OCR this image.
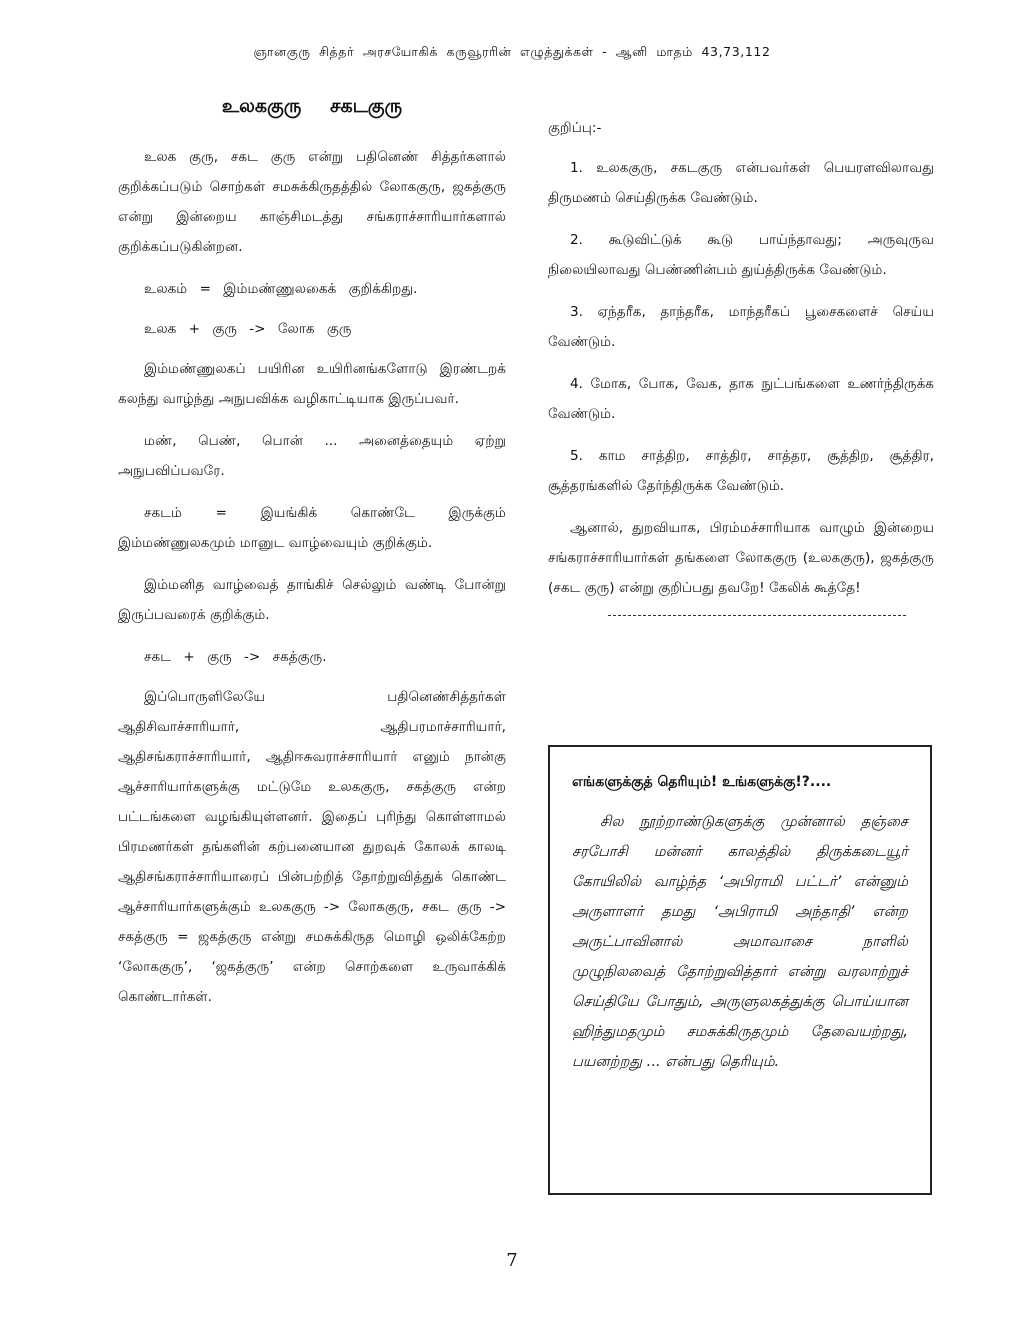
ஞானகுரு சித்தர் அரசயோகிக் கருவூரரின் எழுத்துக்கள் - ஆனி மாதம் 43,73,112
உலககுரு சகடகுரு

உலக குரு, சகட குரு என்று பதினெண் சித்தர்களால் குறிக்கப்படும் சொற்கள் சமசுக்கிருதத்தில் லோககுரு, ஜகத்குரு என்று இன்றைய காஞ்சிமடத்து சங்கராச்சாரியார்களால் குறிக்கப்படுகின்றன.

உலகம் = இம்மண்ணுலகைக் குறிக்கிறது.

உலக + குரு -> லோக குரு

இம்மண்ணுலகப் பயிரின உயிரினங்களோடு இரண்டறக் கலந்து வாழ்ந்து அநுபவிக்க வழிகாட்டியாக இருப்பவர்.

மண், பெண், பொன் ... அனைத்தையும் ஏற்று அநுபவிப்பவரே.

சகடம் = இயங்கிக் கொண்டே இருக்கும் இம்மண்ணுலகமும் மானுட வாழ்வையும் குறிக்கும்.

இம்மனித வாழ்வைத் தாங்கிச் செல்லும் வண்டி போன்று இருப்பவரைக் குறிக்கும்.

சகட + குரு -> சகத்குரு.

இப்பொருளிலேயே பதினெண்சித்தர்கள் ஆதிசிவாச்சாரியார், ஆதிபரமாச்சாரியார், ஆதிசங்கராச்சாரியார், ஆதிஈசுவராச்சாரியார் எனும் நான்கு ஆச்சாரியார்களுக்கு மட்டுமே உலககுரு, சகத்குரு என்ற பட்டங்களை வழங்கியுள்ளனர். இதைப் புரிந்து கொள்ளாமல் பிரமணர்கள் தங்களின் கற்பனையான துறவுக் கோலக் காலடி ஆதிசங்கராச்சாரியாரைப் பின்பற்றித் தோற்றுவித்துக் கொண்ட ஆச்சாரியார்களுக்கும் உலககுரு -> லோககுரு, சகட குரு -> சகத்குரு = ஜகத்குரு என்று சமசுக்கிருத மொழி ஒலிக்கேற்ற ‘லோககுரு’, ‘ஜகத்குரு’ என்ற சொற்களை உருவாக்கிக் கொண்டார்கள்.

குறிப்பு:-

1. உலககுரு, சகடகுரு என்பவர்கள் பெயரளவிலாவது திருமணம் செய்திருக்க வேண்டும்.

2. கூடுவிட்டுக் கூடு பாய்ந்தாவது; அருவுருவ நிலையிலாவது பெண்ணின்பம் துய்த்திருக்க வேண்டும்.

3. ஏந்தரீக, தாந்தரீக, மாந்தரீகப் பூசைகளைச் செய்ய வேண்டும்.

4. மோக, போக, வேக, தாக நுட்பங்களை உணர்ந்திருக்க வேண்டும்.

5. காம சாத்திற, சாத்திர, சாத்தர, சூத்திற, சூத்திர, சூத்தரங்களில் தேர்ந்திருக்க வேண்டும்.

ஆனால், துறவியாக, பிரம்மச்சாரியாக வாழும் இன்றைய சங்கராச்சாரியார்கள் தங்களை லோககுரு (உலககுரு), ஜகத்குரு (சகட குரு) என்று குறிப்பது தவறே! கேலிக் கூத்தே!

எங்களுக்குத் தெரியும்! உங்களுக்கு!?....

சில நூற்றாண்டுகளுக்கு முன்னால் தஞ்சை சரபோசி மன்னர் காலத்தில் திருக்கடையூர் கோயிலில் வாழ்ந்த ‘அபிராமி பட்டர்’ என்னும் அருளாளர் தமது ‘அபிராமி அந்தாதி’ என்ற அருட்பாவினால் அமாவாசை நாளில் முழுநிலவைத் தோற்றுவித்தார் என்று வரலாற்றுச் செய்தியே போதும், அருளுலகத்துக்கு பொய்யான ஹிந்துமதமும் சமசுக்கிருதமும் தேவையற்றது, பயனற்றது ... என்பது தெரியும்.

7
